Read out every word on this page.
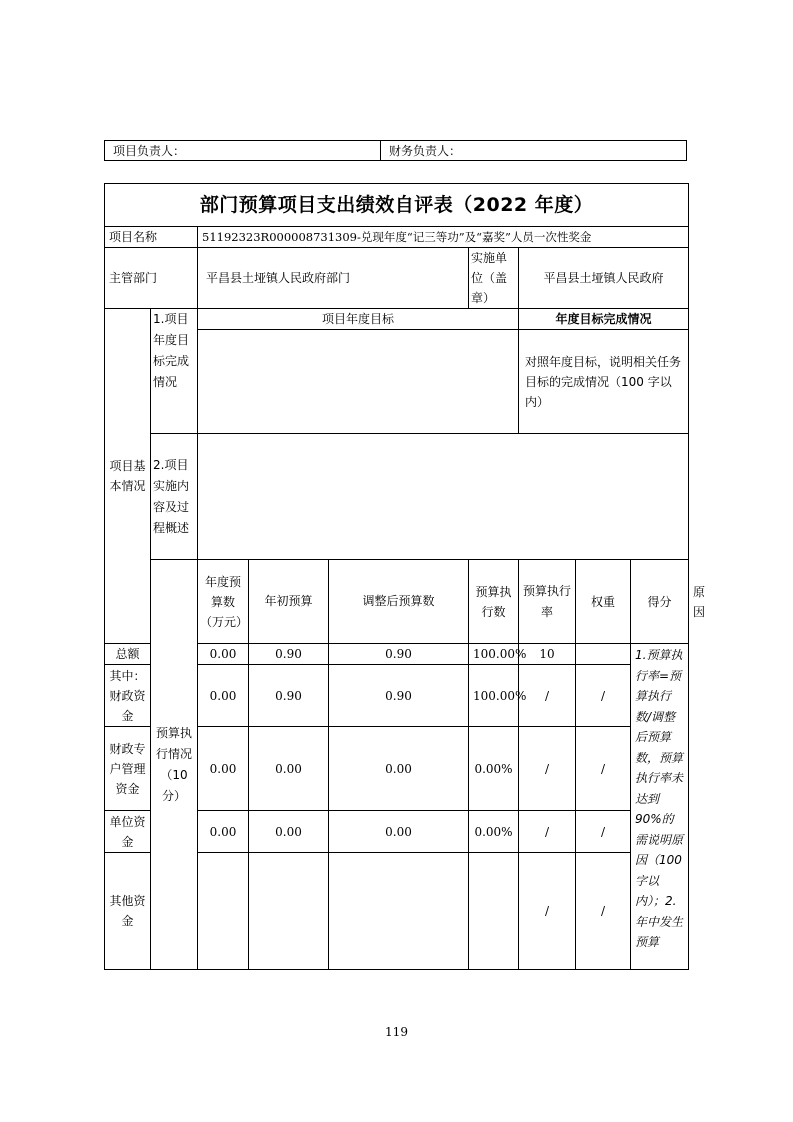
项目负责人：	财务负责人：
部门预算项目支出绩效自评表（2022 年度）									
项目名称		51192323R000008731309-兑现年度“记三等功”及“嘉奖”人员一次性奖金							
主管部门		平昌县土垭镇人民政府部门			实施单位（盖章）	平昌县土垭镇人民政府			
项目基本情况	1.项目年度目标完成情况	项目年度目标				年度目标完成情况			
						对照年度目标，说明相关任务目标的完成情况（100 字以内）			
	2.项目实施内容及过程概述								
	预算执行情况（10分）	年度预算数（万元）	年初预算	调整后预算数	预算执行数	预算执行率	权重	得分	原因
总额		0.00	0.90	0.90	100.00%	10		1.预算执行率=预算执行数/调整后预算数，预算执行率未达到 90%的需说明原因（100 字以内）；2.年中发生预算	
其中：财政资金		0.00	0.90	0.90	100.00%	/	/		
财政专户管理资金		0.00	0.00	0.00	0.00%	/	/		
单位资金		0.00	0.00	0.00	0.00%	/	/		
其他资金						/	/		
119
